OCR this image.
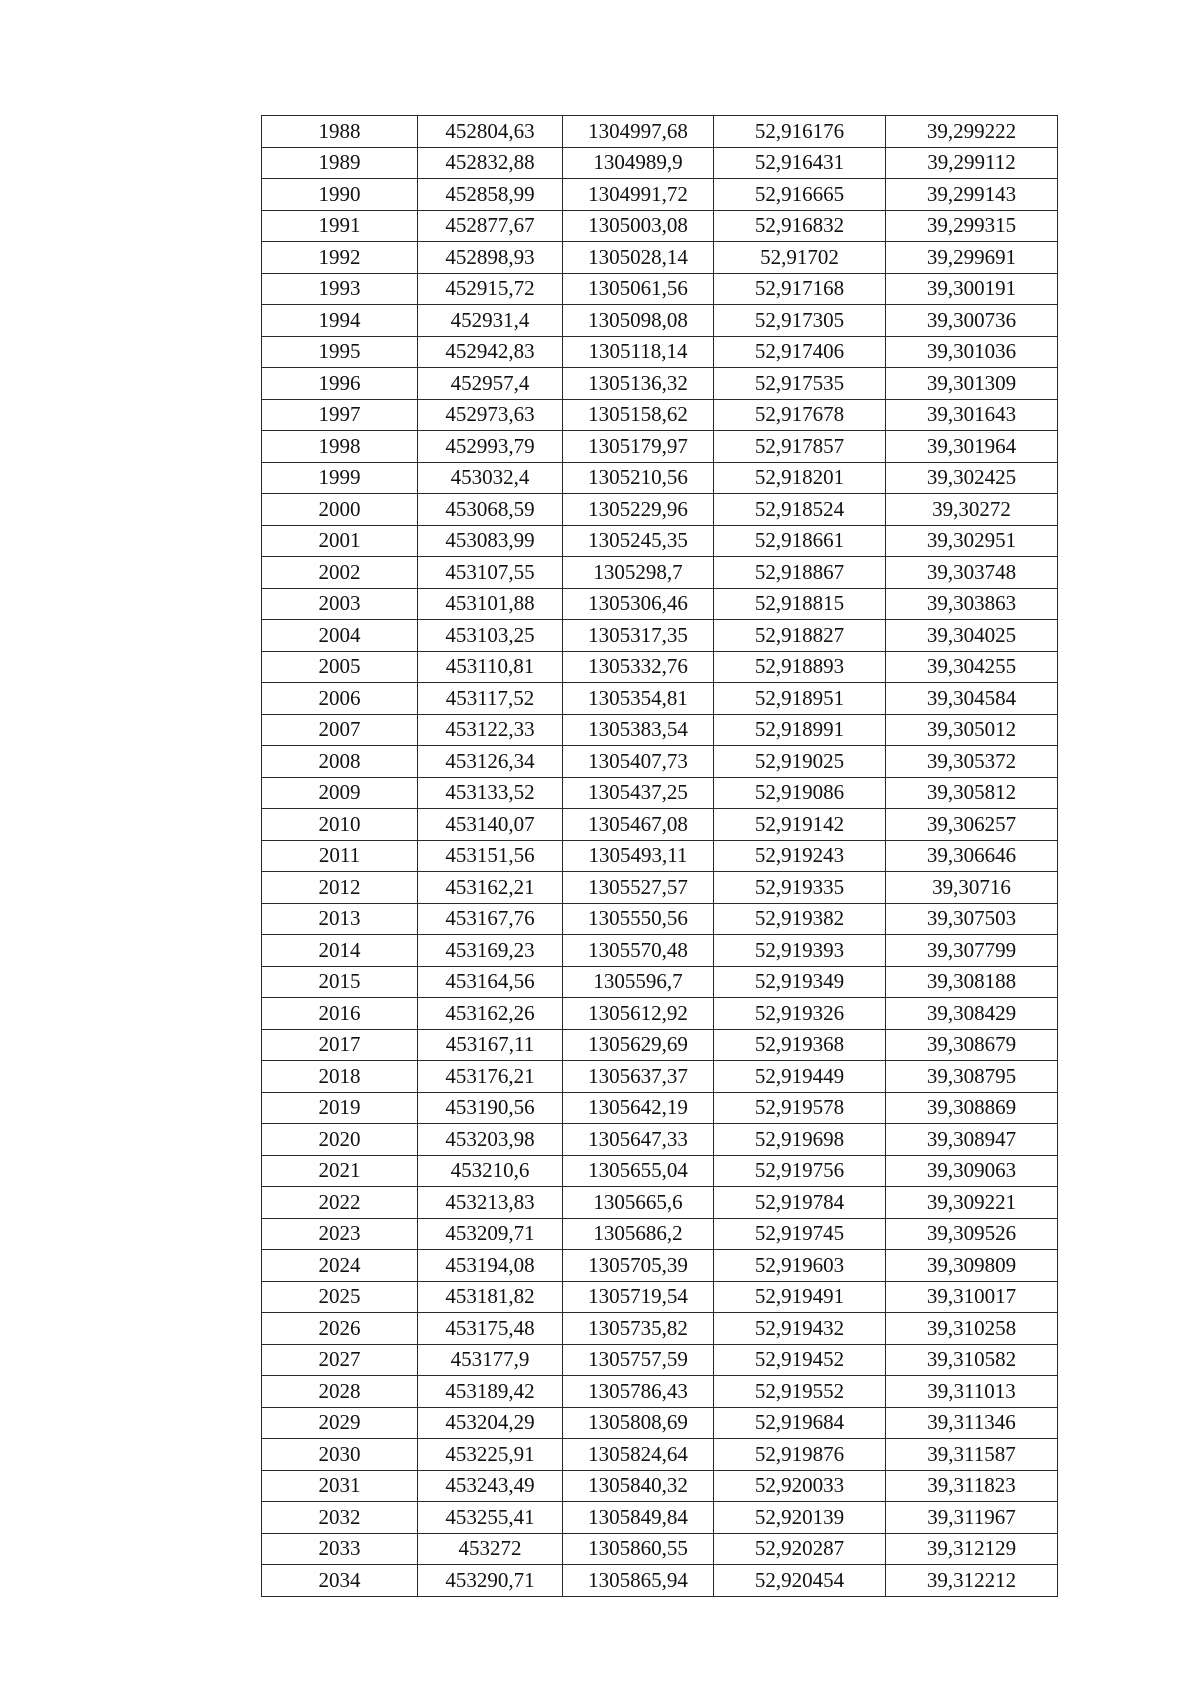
1988	452804,63	1304997,68	52,916176	39,299222
1989	452832,88	1304989,9	52,916431	39,299112
1990	452858,99	1304991,72	52,916665	39,299143
1991	452877,67	1305003,08	52,916832	39,299315
1992	452898,93	1305028,14	52,91702	39,299691
1993	452915,72	1305061,56	52,917168	39,300191
1994	452931,4	1305098,08	52,917305	39,300736
1995	452942,83	1305118,14	52,917406	39,301036
1996	452957,4	1305136,32	52,917535	39,301309
1997	452973,63	1305158,62	52,917678	39,301643
1998	452993,79	1305179,97	52,917857	39,301964
1999	453032,4	1305210,56	52,918201	39,302425
2000	453068,59	1305229,96	52,918524	39,30272
2001	453083,99	1305245,35	52,918661	39,302951
2002	453107,55	1305298,7	52,918867	39,303748
2003	453101,88	1305306,46	52,918815	39,303863
2004	453103,25	1305317,35	52,918827	39,304025
2005	453110,81	1305332,76	52,918893	39,304255
2006	453117,52	1305354,81	52,918951	39,304584
2007	453122,33	1305383,54	52,918991	39,305012
2008	453126,34	1305407,73	52,919025	39,305372
2009	453133,52	1305437,25	52,919086	39,305812
2010	453140,07	1305467,08	52,919142	39,306257
2011	453151,56	1305493,11	52,919243	39,306646
2012	453162,21	1305527,57	52,919335	39,30716
2013	453167,76	1305550,56	52,919382	39,307503
2014	453169,23	1305570,48	52,919393	39,307799
2015	453164,56	1305596,7	52,919349	39,308188
2016	453162,26	1305612,92	52,919326	39,308429
2017	453167,11	1305629,69	52,919368	39,308679
2018	453176,21	1305637,37	52,919449	39,308795
2019	453190,56	1305642,19	52,919578	39,308869
2020	453203,98	1305647,33	52,919698	39,308947
2021	453210,6	1305655,04	52,919756	39,309063
2022	453213,83	1305665,6	52,919784	39,309221
2023	453209,71	1305686,2	52,919745	39,309526
2024	453194,08	1305705,39	52,919603	39,309809
2025	453181,82	1305719,54	52,919491	39,310017
2026	453175,48	1305735,82	52,919432	39,310258
2027	453177,9	1305757,59	52,919452	39,310582
2028	453189,42	1305786,43	52,919552	39,311013
2029	453204,29	1305808,69	52,919684	39,311346
2030	453225,91	1305824,64	52,919876	39,311587
2031	453243,49	1305840,32	52,920033	39,311823
2032	453255,41	1305849,84	52,920139	39,311967
2033	453272	1305860,55	52,920287	39,312129
2034	453290,71	1305865,94	52,920454	39,312212
